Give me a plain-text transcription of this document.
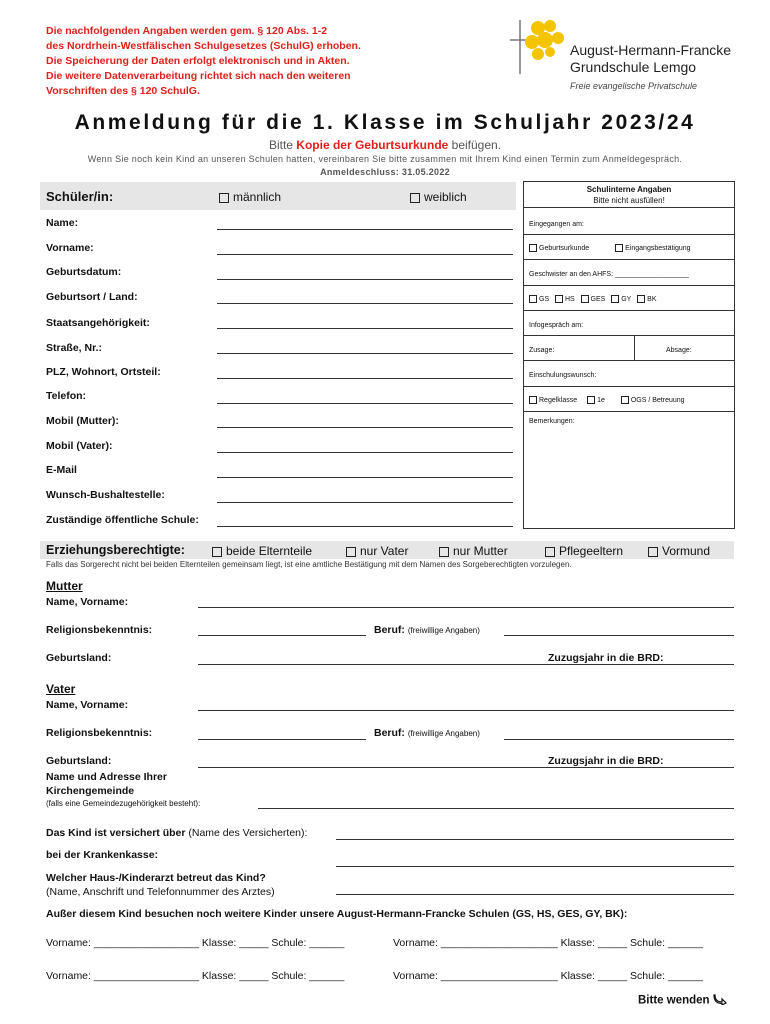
Die nachfolgenden Angaben werden gem. § 120 Abs. 1-2
des Nordrhein-Westfälischen Schulgesetzes (SchulG) erhoben.
Die Speicherung der Daten erfolgt elektronisch und in Akten.
Die weitere Datenverarbeitung richtet sich nach den weiteren
Vorschriften des § 120 SchulG.
August-Hermann-Francke
Grundschule Lemgo
Freie evangelische Privatschule
Anmeldung für die 1. Klasse im Schuljahr 2023/24
Bitte Kopie der Geburtsurkunde beifügen.
Wenn Sie noch kein Kind an unseren Schulen hatten, vereinbaren Sie bitte zusammen mit Ihrem Kind einen Termin zum Anmeldegespräch.
Anmeldeschluss: 31.05.2022
Schüler/in:	männlich	weiblich
Name:
Vorname:
Geburtsdatum:
Geburtsort / Land:
Staatsangehörigkeit:
Straße, Nr.:
PLZ, Wohnort, Ortsteil:
Telefon:
Mobil (Mutter):
Mobil (Vater):
E-Mail
Wunsch-Bushaltestelle:
Zuständige öffentliche Schule:
Schulinterne Angaben
Bitte nicht ausfüllen!
Eingegangen am:
Geburtsurkunde	Eingangsbestätigung
Geschwister an den AHFS: ___________________
GS HS GES GY BK
Infogespräch am:
Zusage:	Absage:
Einschulungswunsch:
Regelklasse	1e	OGS / Betreuung
Bemerkungen:
Erziehungsberechtigte:	beide Elternteile	nur Vater	nur Mutter	Pflegeeltern	Vormund
Falls das Sorgerecht nicht bei beiden Elternteilen gemeinsam liegt, ist eine amtliche Bestätigung mit dem Namen des Sorgeberechtigten vorzulegen.
Mutter
Name, Vorname:
Religionsbekenntnis:	Beruf: (freiwillige Angaben)
Geburtsland:	Zuzugsjahr in die BRD:
Vater
Name, Vorname:
Religionsbekenntnis:	Beruf: (freiwillige Angaben)
Geburtsland:	Zuzugsjahr in die BRD:
Name und Adresse Ihrer
Kirchengemeinde
(falls eine Gemeindezugehörigkeit besteht):
Das Kind ist versichert über (Name des Versicherten):
bei der Krankenkasse:
Welcher Haus-/Kinderarzt betreut das Kind?
(Name, Anschrift und Telefonnummer des Arztes)
Außer diesem Kind besuchen noch weitere Kinder unsere August-Hermann-Francke Schulen (GS, HS, GES, GY, BK):
Vorname: __________________ Klasse: _____ Schule: ______	Vorname: ____________________ Klasse: _____ Schule: ______
Vorname: __________________ Klasse: _____ Schule: ______	Vorname: ____________________ Klasse: _____ Schule: ______
Bitte wenden
